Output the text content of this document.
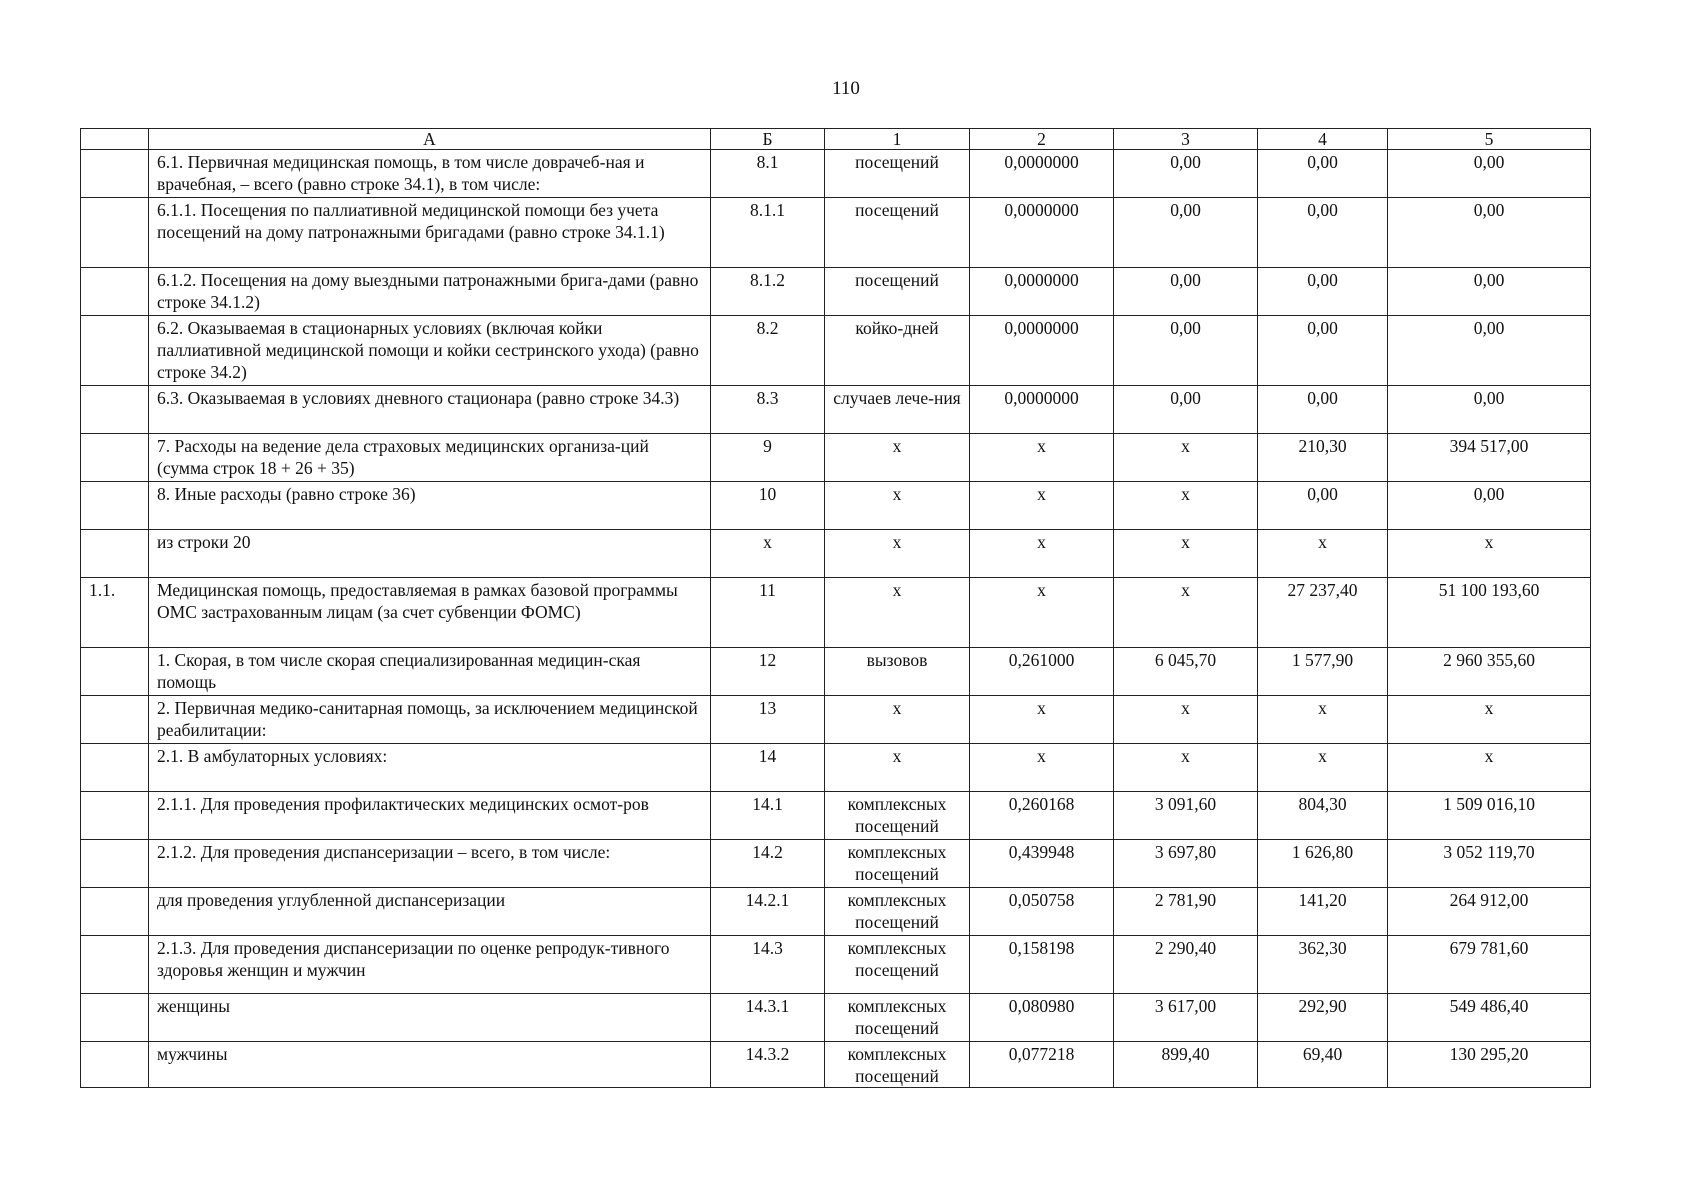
110
	А	Б	1	2	3	4	5
	6.1. Первичная медицинская помощь, в том числе доврачеб-ная и врачебная, – всего (равно строке 34.1), в том числе:	8.1	посещений	0,0000000	0,00	0,00	0,00
	6.1.1. Посещения по паллиативной медицинской помощи без учета посещений на дому патронажными бригадами (равно строке 34.1.1)	8.1.1	посещений	0,0000000	0,00	0,00	0,00
	6.1.2. Посещения на дому выездными патронажными брига-дами (равно строке 34.1.2)	8.1.2	посещений	0,0000000	0,00	0,00	0,00
	6.2. Оказываемая в стационарных условиях (включая койки паллиативной медицинской помощи и койки сестринского ухода) (равно строке 34.2)	8.2	койко-дней	0,0000000	0,00	0,00	0,00
	6.3. Оказываемая в условиях дневного стационара (равно строке 34.3)	8.3	случаев лече-ния	0,0000000	0,00	0,00	0,00
	7. Расходы на ведение дела страховых медицинских организа-ций (сумма строк 18 + 26 + 35)	9	х	х	х	210,30	394 517,00
	8. Иные расходы (равно строке 36)	10	х	х	х	0,00	0,00
	из строки 20	х	х	х	х	х	х
1.1.	Медицинская помощь, предоставляемая в рамках базовой программы ОМС застрахованным лицам (за счет субвенции ФОМС)	11	х	х	х	27 237,40	51 100 193,60
	1. Скорая, в том числе скорая специализированная медицин-ская помощь	12	вызовов	0,261000	6 045,70	1 577,90	2 960 355,60
	2. Первичная медико-санитарная помощь, за исключением медицинской реабилитации:	13	х	х	х	х	х
	2.1. В амбулаторных условиях:	14	х	х	х	х	х
	2.1.1. Для проведения профилактических медицинских осмот-ров	14.1	комплексных посещений	0,260168	3 091,60	804,30	1 509 016,10
	2.1.2. Для проведения диспансеризации – всего, в том числе:	14.2	комплексных посещений	0,439948	3 697,80	1 626,80	3 052 119,70
	для проведения углубленной диспансеризации	14.2.1	комплексных посещений	0,050758	2 781,90	141,20	264 912,00
	2.1.3. Для проведения диспансеризации по оценке репродук-тивного здоровья женщин и мужчин	14.3	комплексных посещений	0,158198	2 290,40	362,30	679 781,60
	женщины	14.3.1	комплексных посещений	0,080980	3 617,00	292,90	549 486,40
	мужчины	14.3.2	комплексных посещений	0,077218	899,40	69,40	130 295,20
